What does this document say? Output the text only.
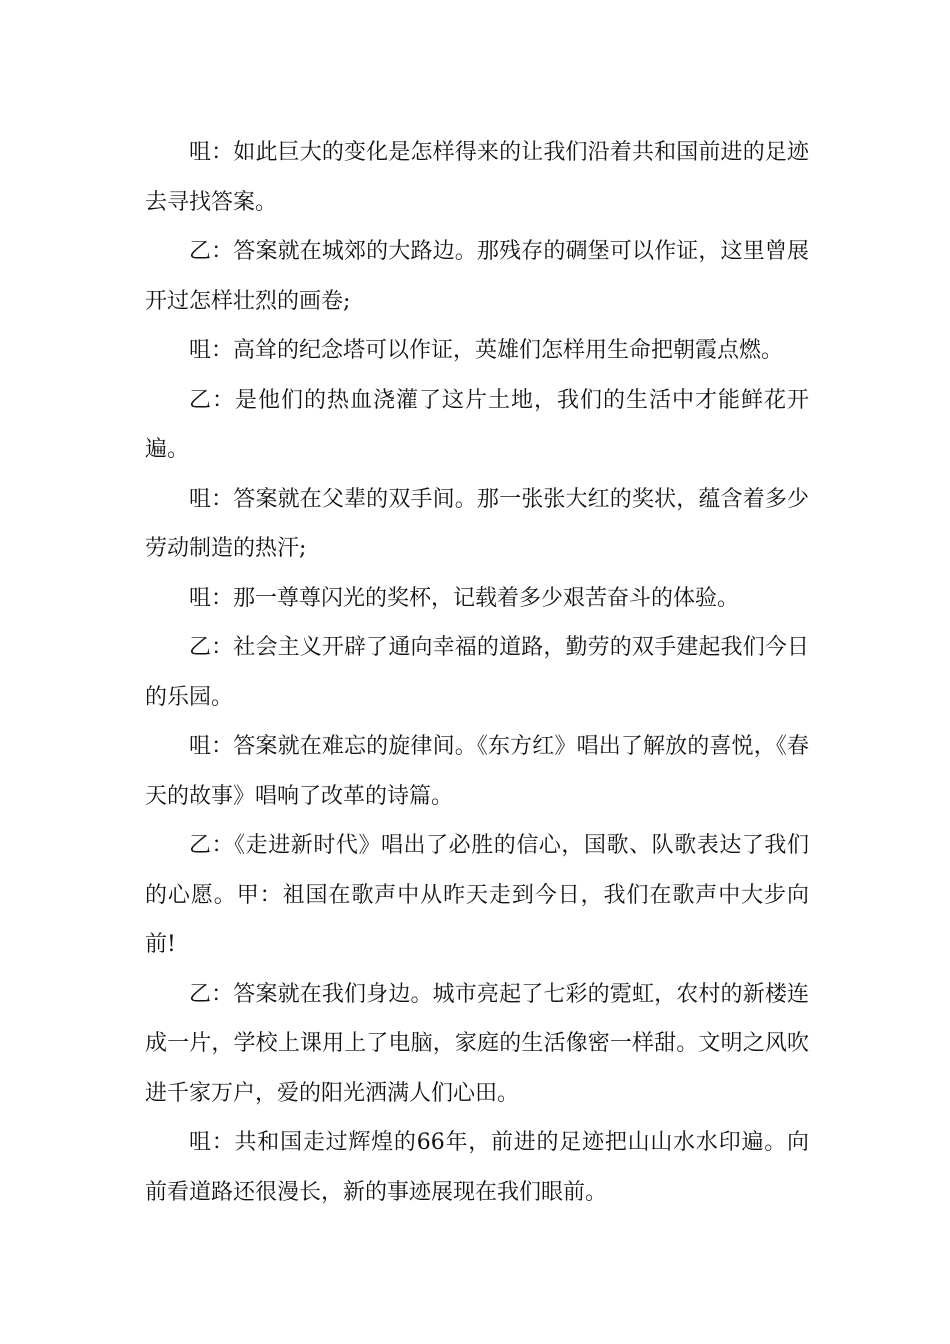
咀：如此巨大的变化是怎样得来的让我们沿着共和国前进的足迹去寻找答案。

乙：答案就在城郊的大路边。那残存的碉堡可以作证，这里曾展开过怎样壮烈的画卷;

咀：高耸的纪念塔可以作证，英雄们怎样用生命把朝霞点燃。

乙：是他们的热血浇灌了这片土地，我们的生活中才能鲜花开遍。

咀：答案就在父辈的双手间。那一张张大红的奖状，蕴含着多少劳动制造的热汗;

咀：那一尊尊闪光的奖杯，记载着多少艰苦奋斗的体验。

乙：社会主义开辟了通向幸福的道路，勤劳的双手建起我们今日的乐园。

咀：答案就在难忘的旋律间。《东方红》唱出了解放的喜悦，《春天的故事》唱响了改革的诗篇。

乙：《走进新时代》唱出了必胜的信心，国歌、队歌表达了我们的心愿。甲：祖国在歌声中从昨天走到今日，我们在歌声中大步向前!

乙：答案就在我们身边。城市亮起了七彩的霓虹，农村的新楼连成一片，学校上课用上了电脑，家庭的生活像密一样甜。文明之风吹进千家万户，爱的阳光洒满人们心田。

咀：共和国走过辉煌的66年，前进的足迹把山山水水印遍。向前看道路还很漫长，新的事迹展现在我们眼前。
